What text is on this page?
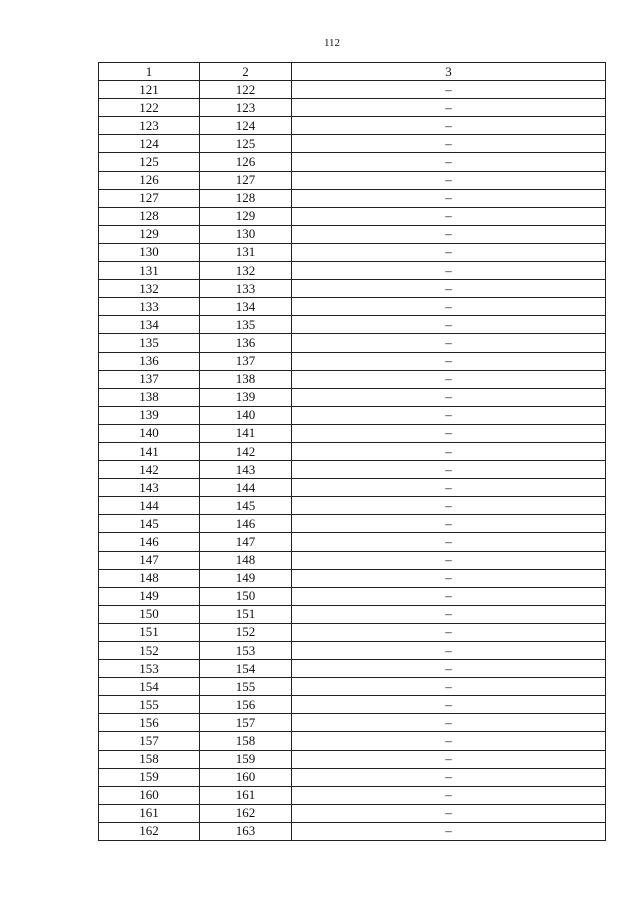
112
1	2	3
121	122	–
122	123	–
123	124	–
124	125	–
125	126	–
126	127	–
127	128	–
128	129	–
129	130	–
130	131	–
131	132	–
132	133	–
133	134	–
134	135	–
135	136	–
136	137	–
137	138	–
138	139	–
139	140	–
140	141	–
141	142	–
142	143	–
143	144	–
144	145	–
145	146	–
146	147	–
147	148	–
148	149	–
149	150	–
150	151	–
151	152	–
152	153	–
153	154	–
154	155	–
155	156	–
156	157	–
157	158	–
158	159	–
159	160	–
160	161	–
161	162	–
162	163	–
